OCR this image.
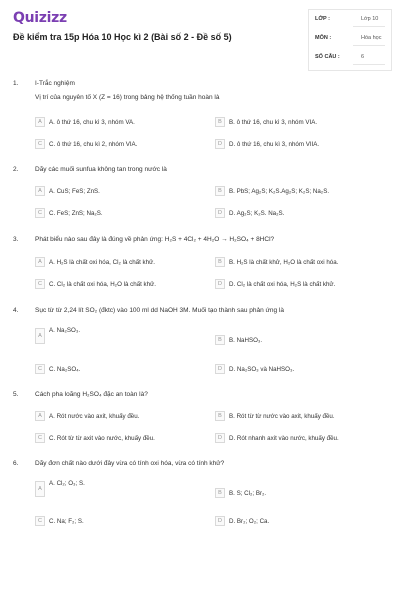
Quizizz
Đề kiểm tra 15p Hóa 10 Học kì 2 (Bài số 2 - Đề số 5)
LỚP :	Lớp 10
MÔN :	Hóa học
SỐ CÂU :	6
1.	I-Trắc nghiệm
Vị trí của nguyên tố X (Z = 16) trong bảng hệ thống tuần hoàn là
A	A. ô thứ 16, chu kì 3, nhóm VA.	B	B. ô thứ 16, chu kì 3, nhóm VIA.
C	C. ô thứ 16, chu kì 2, nhóm VIA.	D	D. ô thứ 16, chu kì 3, nhóm VIIA.
2.	Dãy các muối sunfua không tan trong nước là
A	A. CuS; FeS; ZnS.	B	B. PbS; Ag₂S; K₂S.Ag₂S; K₂S; Na₂S.
C	C. FeS; ZnS; Na₂S.	D	D. Ag₂S; K₂S. Na₂S.
3.	Phát biểu nào sau đây là đúng về phản ứng: H₂S + 4Cl₂ + 4H₂O → H₂SO₄ + 8HCl?
A	A. H₂S là chất oxi hóa, Cl₂ là chất khử.	B	B. H₂S là chất khử, H₂O là chất oxi hóa.
C	C. Cl₂ là chất oxi hóa, H₂O là chất khử.	D	D. Cl₂ là chất oxi hóa, H₂S là chất khử.
4.	Sục từ từ 2,24 lít SO₂ (đktc) vào 100 ml dd NaOH 3M. Muối tạo thành sau phản ứng là
A
A. Na₂SO₃.
B	B. NaHSO₃.
C	C. Na₂SO₄.	D	D. Na₂SO₃ và NaHSO₃.
5.	Cách pha loãng H₂SO₄ đặc an toàn là?
A	A. Rót nước vào axit, khuấy đều.	B	B. Rót từ từ nước vào axit, khuấy đều.
C	C. Rót từ từ axit vào nước, khuấy đều.	D	D. Rót nhanh axit vào nước, khuấy đều.
6.	Dãy đơn chất nào dưới đây vừa có tính oxi hóa, vừa có tính khử?
A
A. Cl₂; O₃; S.
B	B. S; Cl₂; Br₂.
C	C. Na; F₂; S.	D	D. Br₂; O₂; Ca.
